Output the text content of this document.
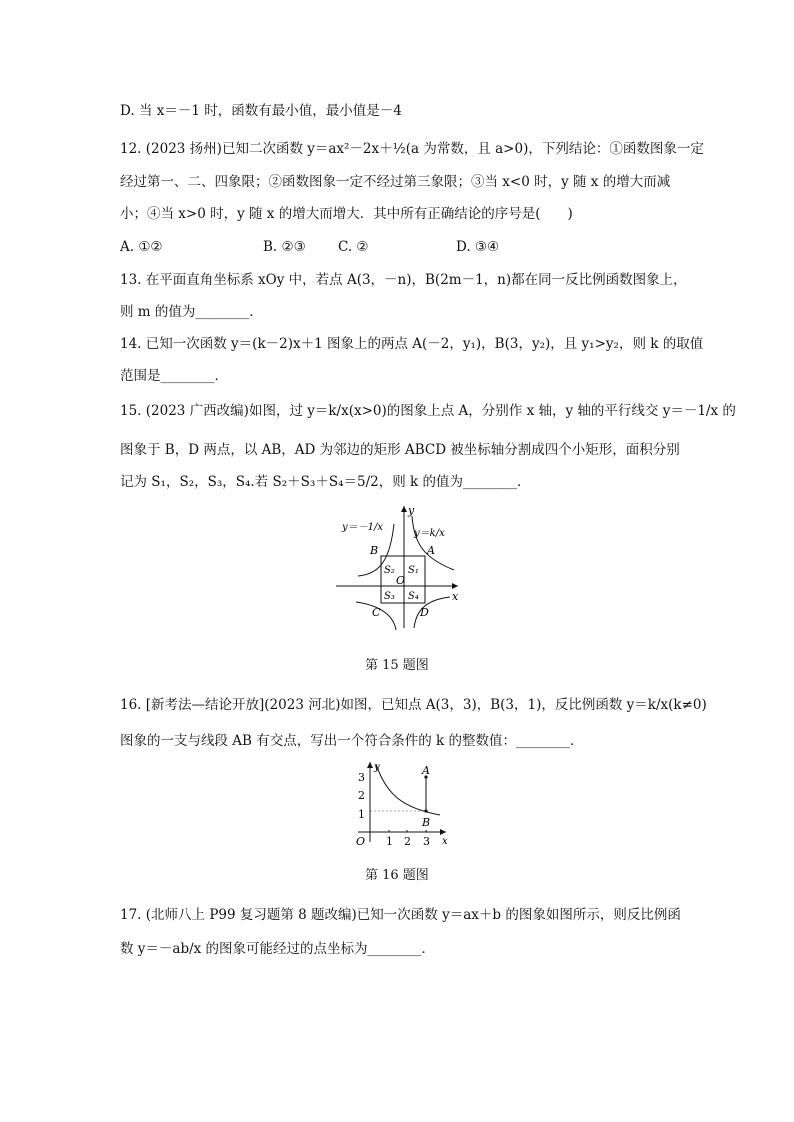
D. 当 x＝－1 时，函数有最小值，最小值是－4
12. (2023 扬州)已知二次函数 y＝ax²－2x＋½(a 为常数，且 a>0)，下列结论：①函数图象一定
经过第一、二、四象限；②函数图象一定不经过第三象限；③当 x<0 时，y 随 x 的增大而减
小；④当 x>0 时，y 随 x 的增大而增大．其中所有正确结论的序号是(　　)
A. ①②	B. ②③ C. ②	D. ③④
13. 在平面直角坐标系 xOy 中，若点 A(3，－n)，B(2m－1，n)都在同一反比例函数图象上，
则 m 的值为________．
14. 已知一次函数 y＝(k－2)x＋1 图象上的两点 A(－2，y₁)，B(3，y₂)，且 y₁>y₂，则 k 的取值
范围是________．
15. (2023 广西改编)如图，过 y＝k/x(x>0)的图象上点 A，分别作 x 轴，y 轴的平行线交 y＝－1/x 的
图象于 B，D 两点，以 AB，AD 为邻边的矩形 ABCD 被坐标轴分割成四个小矩形，面积分别
记为 S₁，S₂，S₃，S₄.若 S₂＋S₃＋S₄＝5/2，则 k 的值为________．
y＝－1/x
y＝k/x
y
x
O
A
B
C	D
S₁
S₂
S₃ S₄
第 15 题图
16. [新考法—结论开放](2023 河北)如图，已知点 A(3，3)，B(3，1)，反比例函数 y＝k/x(k≠0)
图象的一支与线段 AB 有交点，写出一个符合条件的 k 的整数值：________．
y
x
O
A
B
1 2 3
1
2
3
第 16 题图
17. (北师八上 P99 复习题第 8 题改编)已知一次函数 y＝ax＋b 的图象如图所示，则反比例函
数 y＝－ab/x 的图象可能经过的点坐标为________．
